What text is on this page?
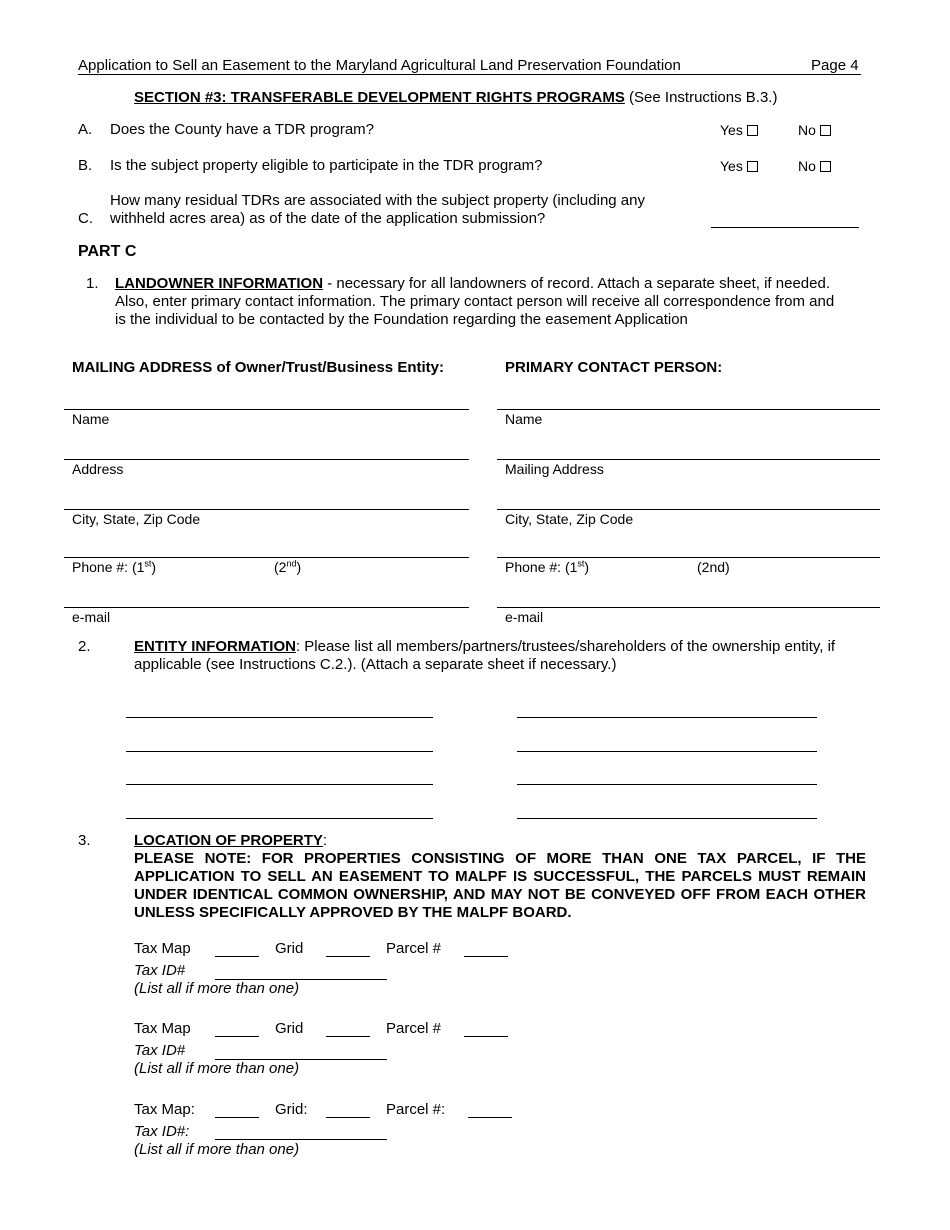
Application to Sell an Easement to the Maryland Agricultural Land Preservation Foundation	Page 4
SECTION #3: TRANSFERABLE DEVELOPMENT RIGHTS PROGRAMS (See Instructions B.3.)
A. Does the County have a TDR program?	Yes	No
B. Is the subject property eligible to participate in the TDR program?	Yes	No
How many residual TDRs are associated with the subject property (including any
C. withheld acres area) as of the date of the application submission?
PART C
1. LANDOWNER INFORMATION - necessary for all landowners of record. Attach a separate sheet, if needed. Also, enter primary contact information. The primary contact person will receive all correspondence from and is the individual to be contacted by the Foundation regarding the easement Application
MAILING ADDRESS of Owner/Trust/Business Entity:	PRIMARY CONTACT PERSON:
Name
Address
City, State, Zip Code
Phone #: (1st)	(2nd)
e-mail
Name
Mailing Address
City, State, Zip Code
Phone #: (1st)	(2nd)
e-mail
2.	ENTITY INFORMATION: Please list all members/partners/trustees/shareholders of the ownership entity, if applicable (see Instructions C.2.). (Attach a separate sheet if necessary.)
3.	LOCATION OF PROPERTY:
PLEASE NOTE: FOR PROPERTIES CONSISTING OF MORE THAN ONE TAX PARCEL, IF THE APPLICATION TO SELL AN EASEMENT TO MALPF IS SUCCESSFUL, THE PARCELS MUST REMAIN UNDER IDENTICAL COMMON OWNERSHIP, AND MAY NOT BE CONVEYED OFF FROM EACH OTHER UNLESS SPECIFICALLY APPROVED BY THE MALPF BOARD.
Tax Map	Grid	Parcel #
Tax ID#
(List all if more than one)
Tax Map	Grid	Parcel #
Tax ID#
(List all if more than one)
Tax Map:	Grid:	Parcel #:
Tax ID#:
(List all if more than one)
